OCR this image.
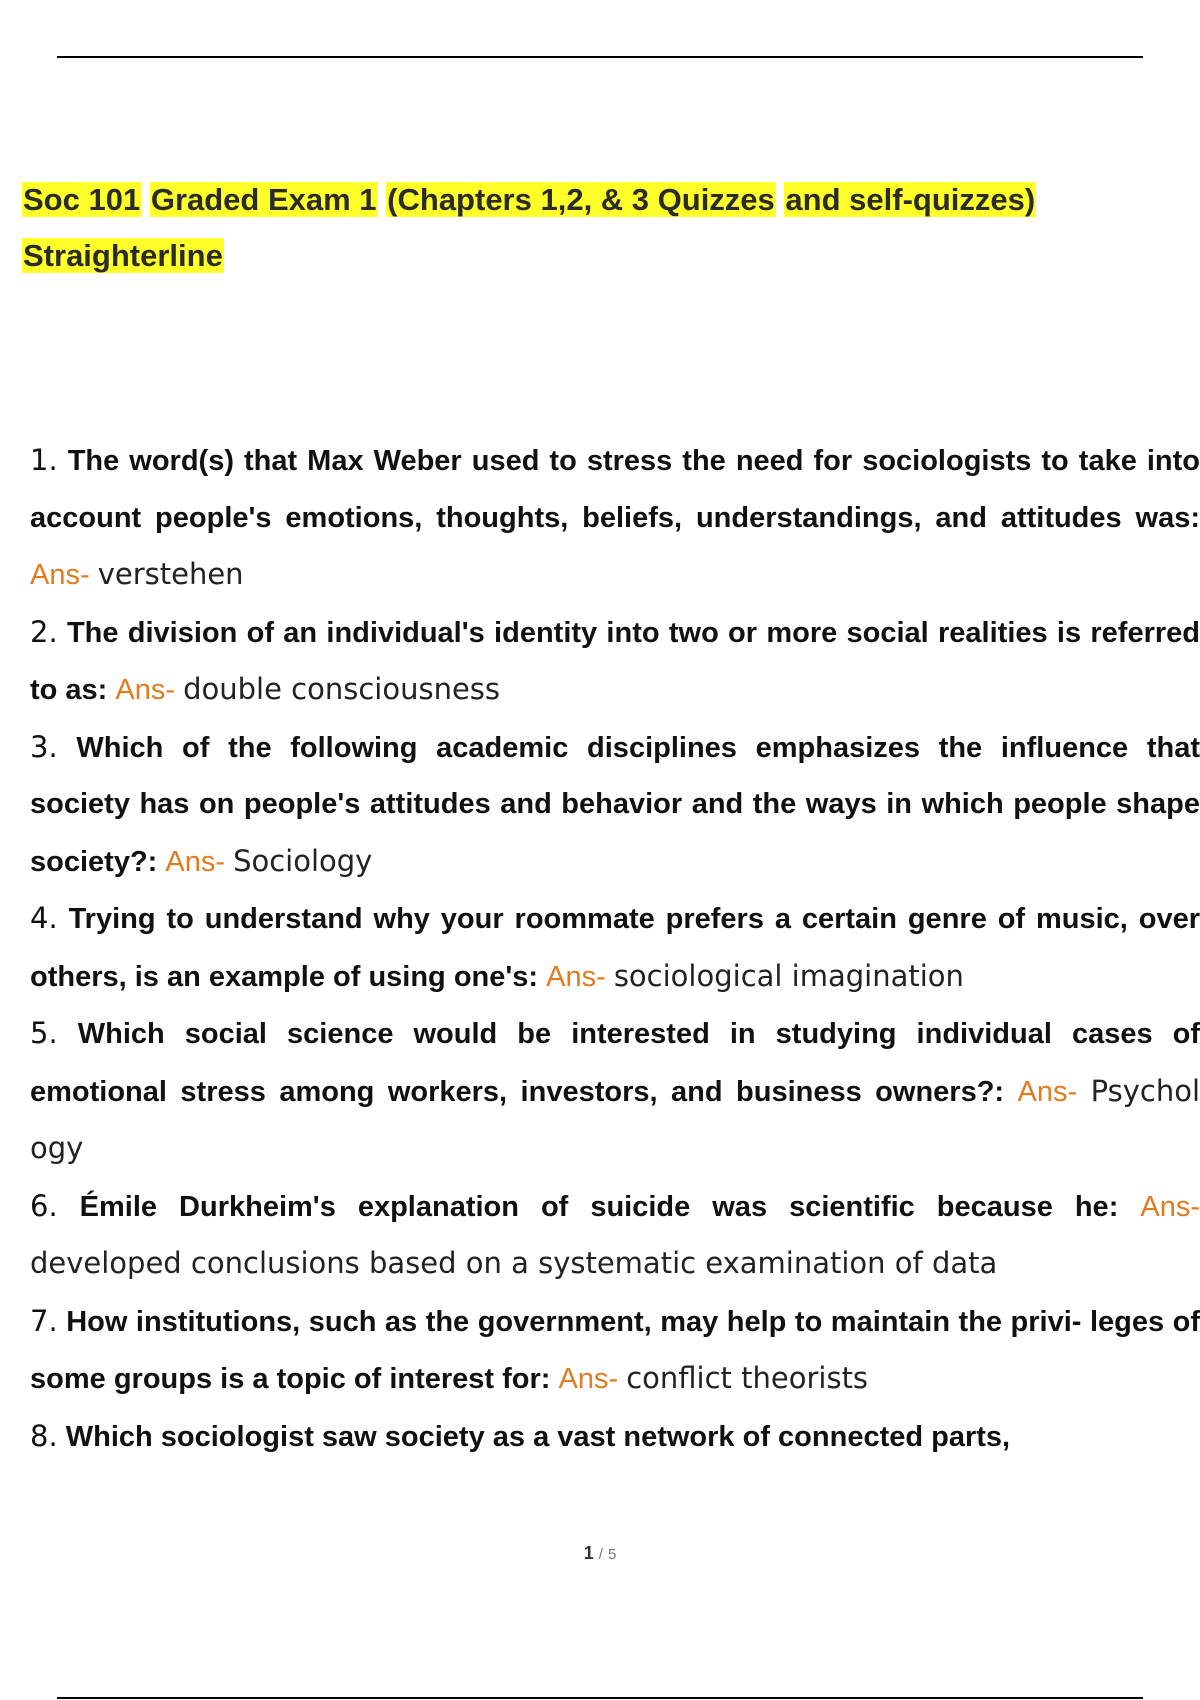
Soc 101 Graded Exam 1 (Chapters 1,2, & 3 Quizzes and self-quizzes)
Straighterline
1. The word(s) that Max Weber used to stress the need for sociologists to take into account people's emotions, thoughts, beliefs, understandings, and attitudes was: Ans- verstehen
2. The division of an individual's identity into two or more social realities is referred to as: Ans- double consciousness
3. Which of the following academic disciplines emphasizes the influence that society has on people's attitudes and behavior and the ways in which people shape society?: Ans- Sociology
4. Trying to understand why your roommate prefers a certain genre of music, over others, is an example of using one's: Ans- sociological imagination
5. Which social science would be interested in studying individual cases of emotional stress among workers, investors, and business owners?: Ans- Psychol ogy
6. Émile Durkheim's explanation of suicide was scientific because he: Ans- developed conclusions based on a systematic examination of data
7. How institutions, such as the government, may help to maintain the privi- leges of some groups is a topic of interest for: Ans- conflict theorists
8. Which sociologist saw society as a vast network of connected parts,
1 / 5
